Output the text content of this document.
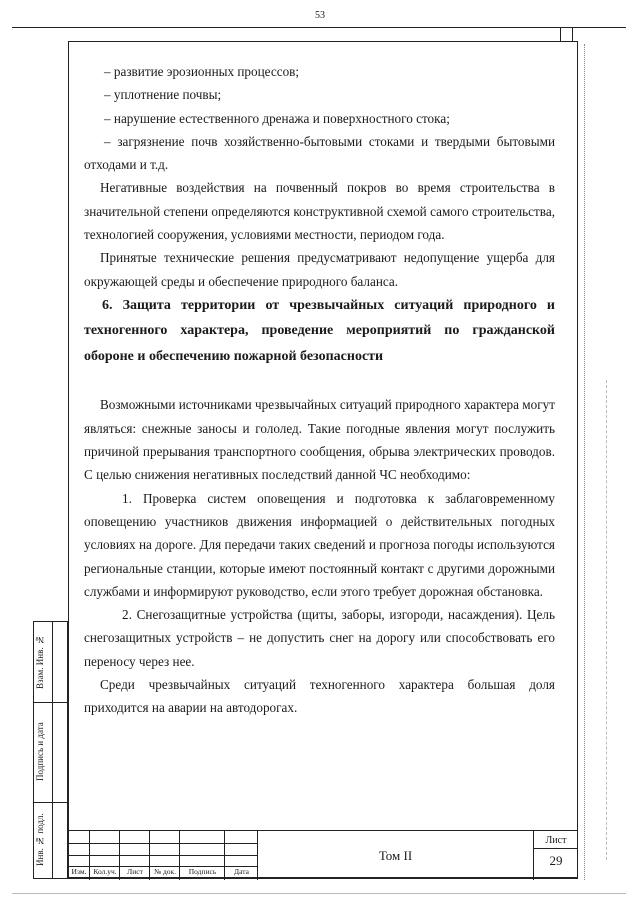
53

– развитие эрозионных процессов;

– уплотнение почвы;

– нарушение естественного дренажа и поверхностного стока;

– загрязнение почв хозяйственно-бытовыми стоками и твердыми бытовыми отходами и т.д.

Негативные воздействия на почвенный покров во время строительства в значительной степени определяются конструктивной схемой самого строительства, технологией сооружения, условиями местности, периодом года.

Принятые технические решения предусматривают недопущение ущерба для окружающей среды и обеспечение природного баланса.

6. Защита территории от чрезвычайных ситуаций природного и техногенного характера, проведение мероприятий по гражданской обороне и обеспечению пожарной безопасности

Возможными источниками чрезвычайных ситуаций природного характера могут являться: снежные заносы и гололед. Такие погодные явления могут послужить причиной прерывания транспортного сообщения, обрыва электрических проводов. С целью снижения негативных последствий данной ЧС необходимо:

1. Проверка систем оповещения и подготовка к заблаговременному оповещению участников движения информацией о действительных погодных условиях на дороге. Для передачи таких сведений и прогноза погоды используются региональные станции, которые имеют постоянный контакт с другими дорожными службами и информируют руководство, если этого требует дорожная обстановка.

2. Снегозащитные устройства (щиты, заборы, изгороди, насаждения). Цель снегозащитных устройств – не допустить снег на дорогу или способствовать его переносу через нее.

Среди чрезвычайных ситуаций техногенного характера большая доля приходится на аварии на автодорогах.

Взам. Инв. №
Подпись и дата
Инв. № подл.
Изм. Кол.уч.	Лист	№ док.	Подпись	Дата
Том II
Лист
29
